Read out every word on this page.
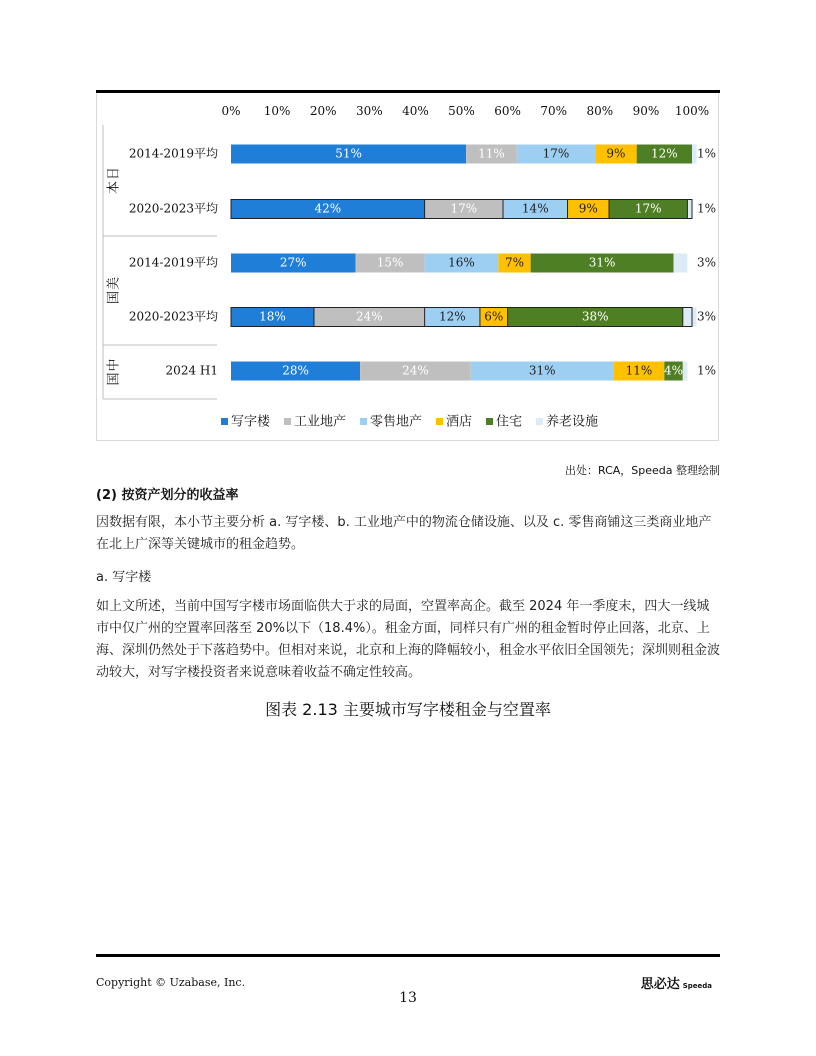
0% 10% 20% 30% 40% 50% 60% 70% 80% 90% 100%
日
本
美
国
中
国
2014-2019平均
2020-2023平均
2014-2019平均
2020-2023平均
2024 H1
51%	11%	17%	9% 12% 1%
42%	17%	14%	9%	17%	1%
27%	15%	16%	7%	31%	3%
18%	24%	12% 6%	38%	3%
28%	24%	31%	11% 4% 1%
写字楼 工业地产 零售地产 酒店 住宅 养老设施
出处：RCA，Speeda 整理绘制
(2) 按资产划分的收益率

因数据有限，本小节主要分析 a. 写字楼、b. 工业地产中的物流仓储设施、以及 c. 零售商铺这三类商业地产在北上广深等关键城市的租金趋势。

a. 写字楼

如上文所述，当前中国写字楼市场面临供大于求的局面，空置率高企。截至 2024 年一季度末，四大一线城市中仅广州的空置率回落至 20%以下（18.4%）。租金方面，同样只有广州的租金暂时停止回落，北京、上海、深圳仍然处于下落趋势中。但相对来说，北京和上海的降幅较小，租金水平依旧全国领先；深圳则租金波动较大，对写字楼投资者来说意味着收益不确定性较高。

图表 2.13 主要城市写字楼租金与空置率
Copyright © Uzabase, Inc.	思必达 Speeda
13
